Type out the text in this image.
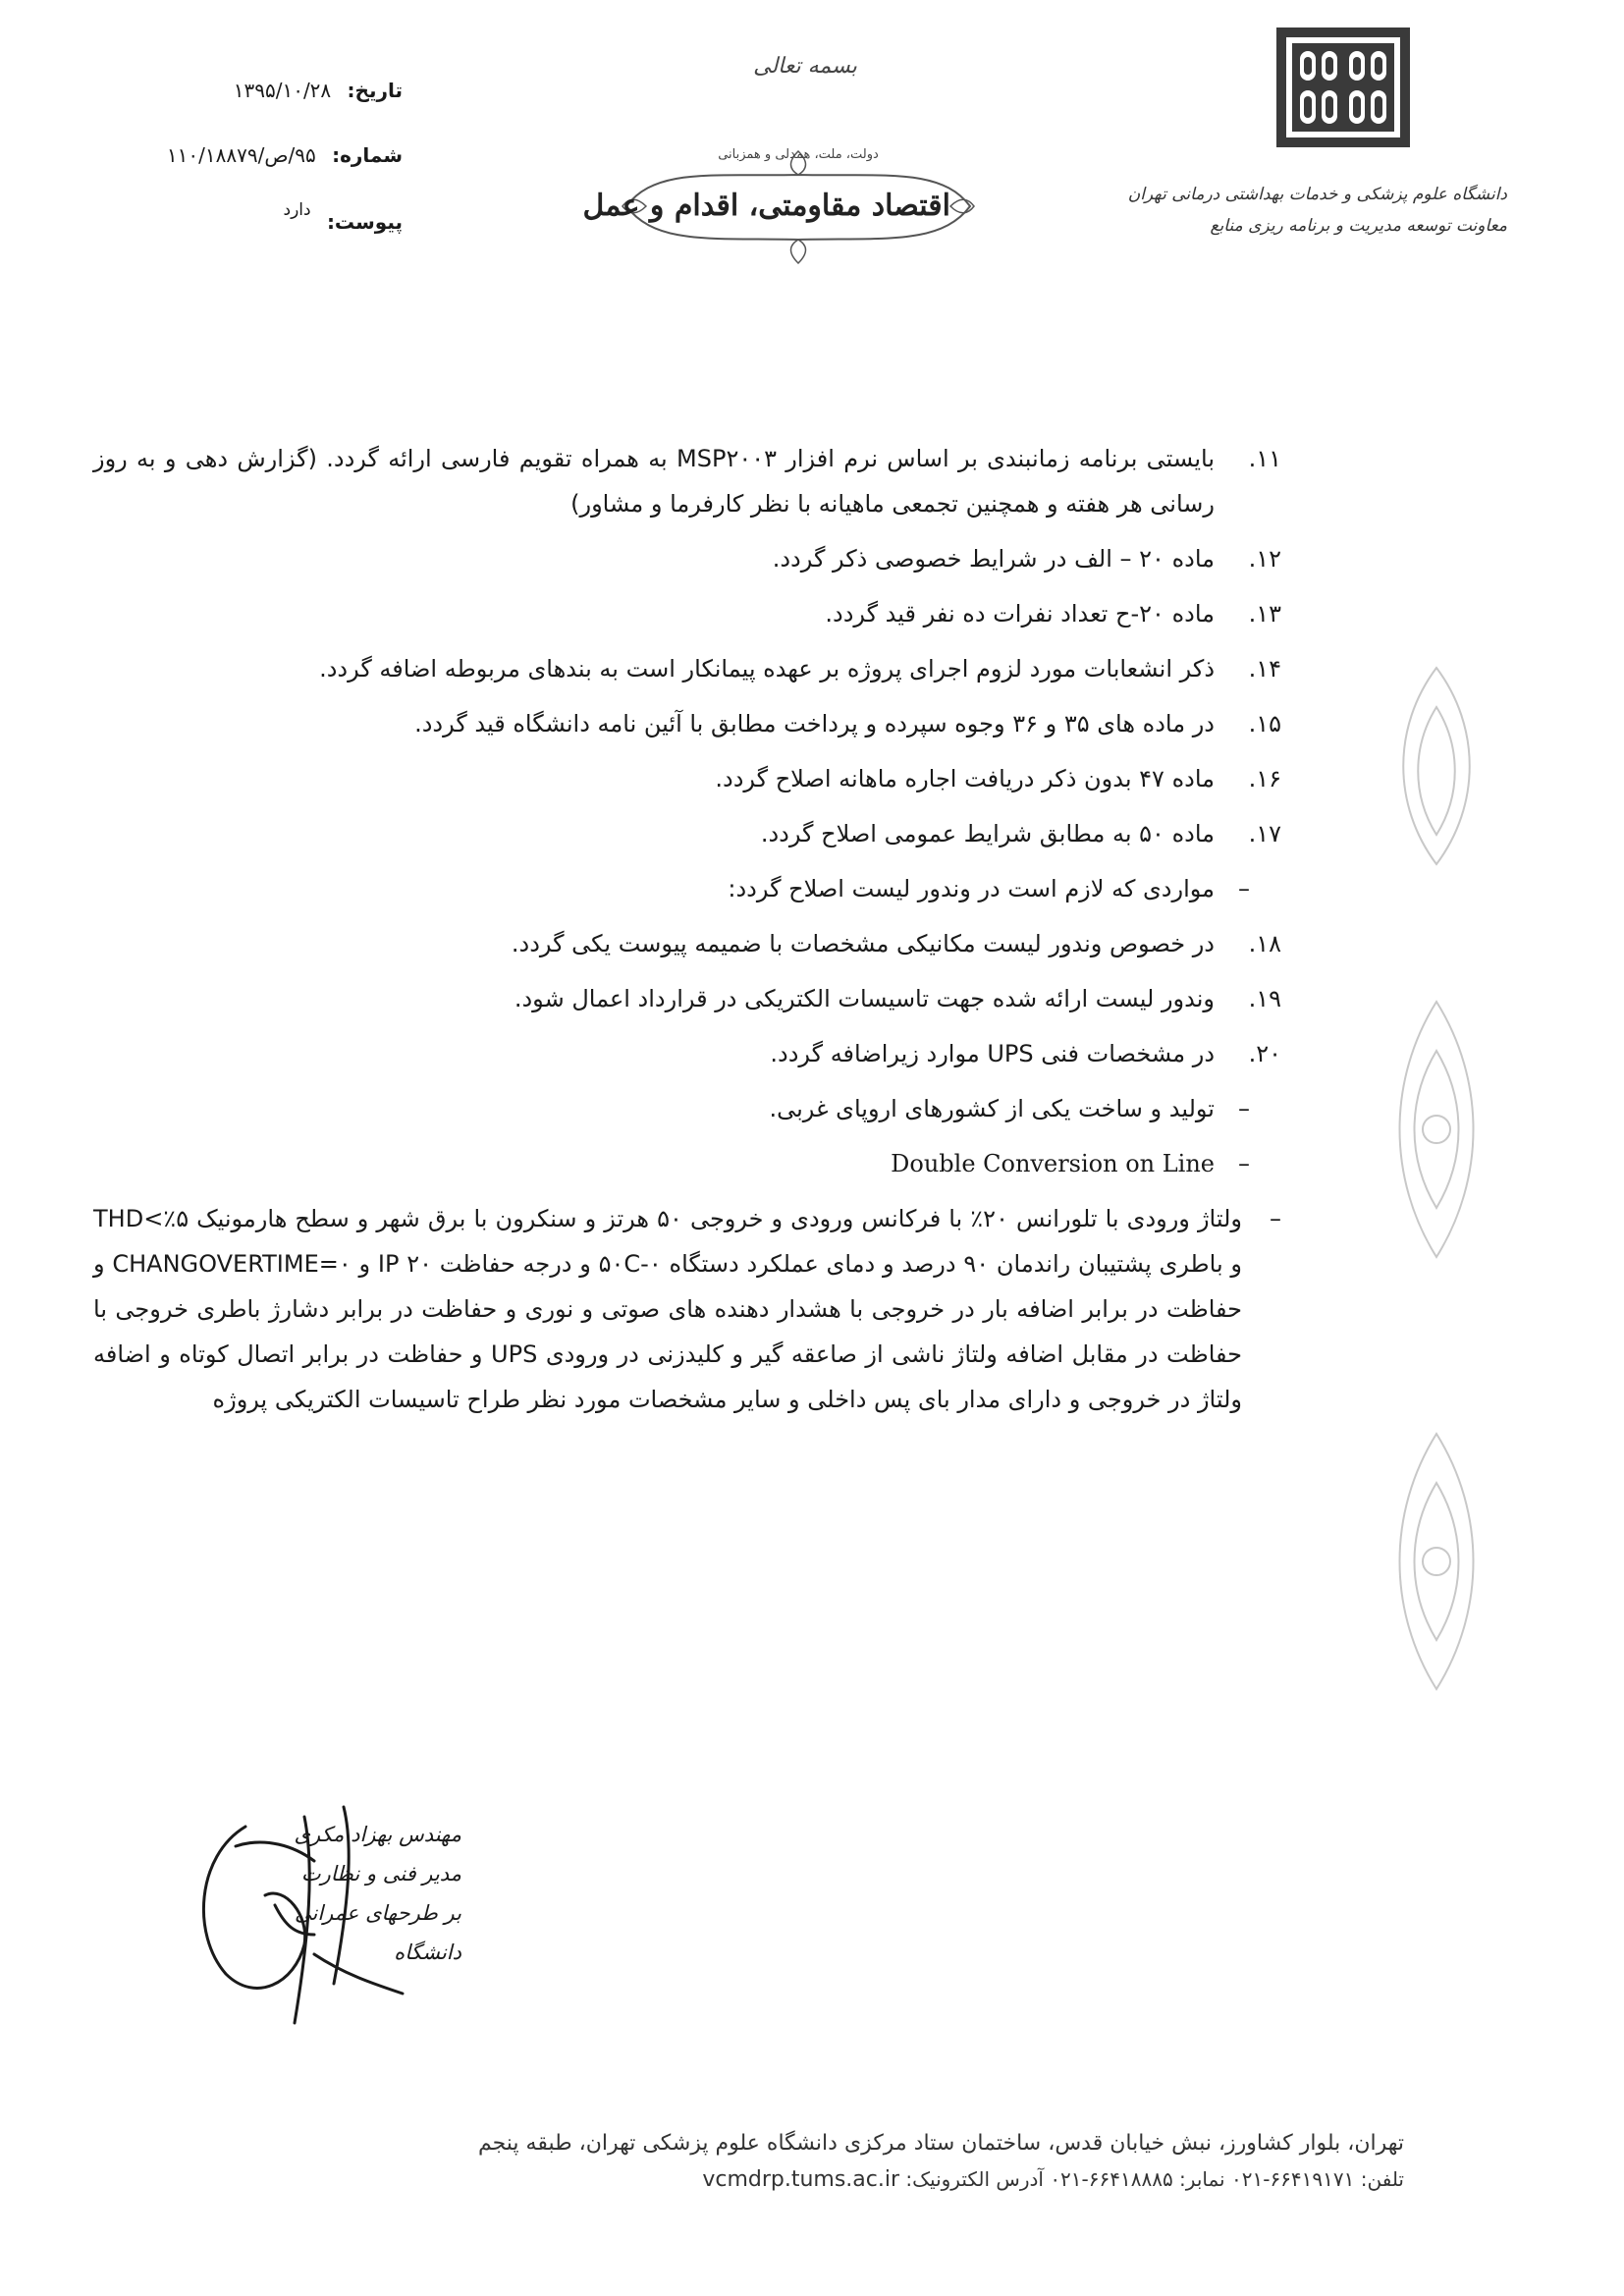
دانشگاه علوم پزشکی و خدمات بهداشتی درمانی تهران
معاونت توسعه مدیریت و برنامه ریزی منابع
بسمه تعالی
دولت، ملت، همدلی و همزبانی
اقتصاد مقاومتی، اقدام و عمل
تاریخ: ۱۳۹۵/۱۰/۲۸
شماره: ۹۵/ص/۱۱۰/۱۸۸۷۹
پیوست: $^{دارد}$
۱۱.
بایستی برنامه زمانبندی بر اساس نرم افزار MSP۲۰۰۳ به همراه تقویم فارسی ارائه گردد. (گزارش دهی و به روز رسانی هر هفته و همچنین تجمعی ماهیانه با نظر کارفرما و مشاور)
۱۲.
ماده ۲۰ – الف در شرایط خصوصی ذکر گردد.
۱۳.
ماده ۲۰-ح تعداد نفرات ده نفر قید گردد.
۱۴.
ذکر انشعابات مورد لزوم اجرای پروژه بر عهده پیمانکار است به بندهای مربوطه اضافه گردد.
۱۵.
در ماده های ۳۵ و ۳۶ وجوه سپرده و پرداخت مطابق با آئین نامه دانشگاه قید گردد.
۱۶.
ماده ۴۷ بدون ذکر دریافت اجاره ماهانه اصلاح گردد.
۱۷.
ماده ۵۰ به مطابق شرایط عمومی اصلاح گردد.
–
مواردی که لازم است در وندور لیست اصلاح گردد:
۱۸.
در خصوص وندور لیست مکانیکی مشخصات با ضمیمه پیوست یکی گردد.
۱۹.
وندور لیست ارائه شده جهت تاسیسات الکتریکی در قرارداد اعمال شود.
۲۰.
در مشخصات فنی UPS موارد زیراضافه گردد.
–
تولید و ساخت یکی از کشورهای اروپای غربی.
–
Double Conversion on Line
–
ولتاژ ورودی با تلورانس ۲۰٪ با فرکانس ورودی و خروجی ۵۰ هرتز و سنکرون با برق شهر و سطح هارمونیک THD<٪۵ و باطری پشتیبان راندمان ۹۰ درصد و دمای عملکرد دستگاه ۵۰C-۰ و درجه حفاظت IP ۲۰ و CHANGOVERTIME=۰ و حفاظت در برابر اضافه بار در خروجی با هشدار دهنده های صوتی و نوری و حفاظت در برابر دشارژ باطری خروجی با حفاظت در مقابل اضافه ولتاژ ناشی از صاعقه گیر و کلیدزنی در ورودی UPS و حفاظت در برابر اتصال کوتاه و اضافه ولتاژ در خروجی و دارای مدار بای پس داخلی و سایر مشخصات مورد نظر طراح تاسیسات الکتریکی پروژه
مهندس بهزاد مکری
مدیر فنی و نظارت
بر طرحهای عمرانی دانشگاه
تهران، بلوار کشاورز، نبش خیابان قدس، ساختمان ستاد مرکزی دانشگاه علوم پزشکی تهران، طبقه پنجم
تلفن: ۶۶۴۱۹۱۷۱-۰۲۱ نمابر: ۶۶۴۱۸۸۸۵-۰۲۱ آدرس الکترونیک: vcmdrp.tums.ac.ir
